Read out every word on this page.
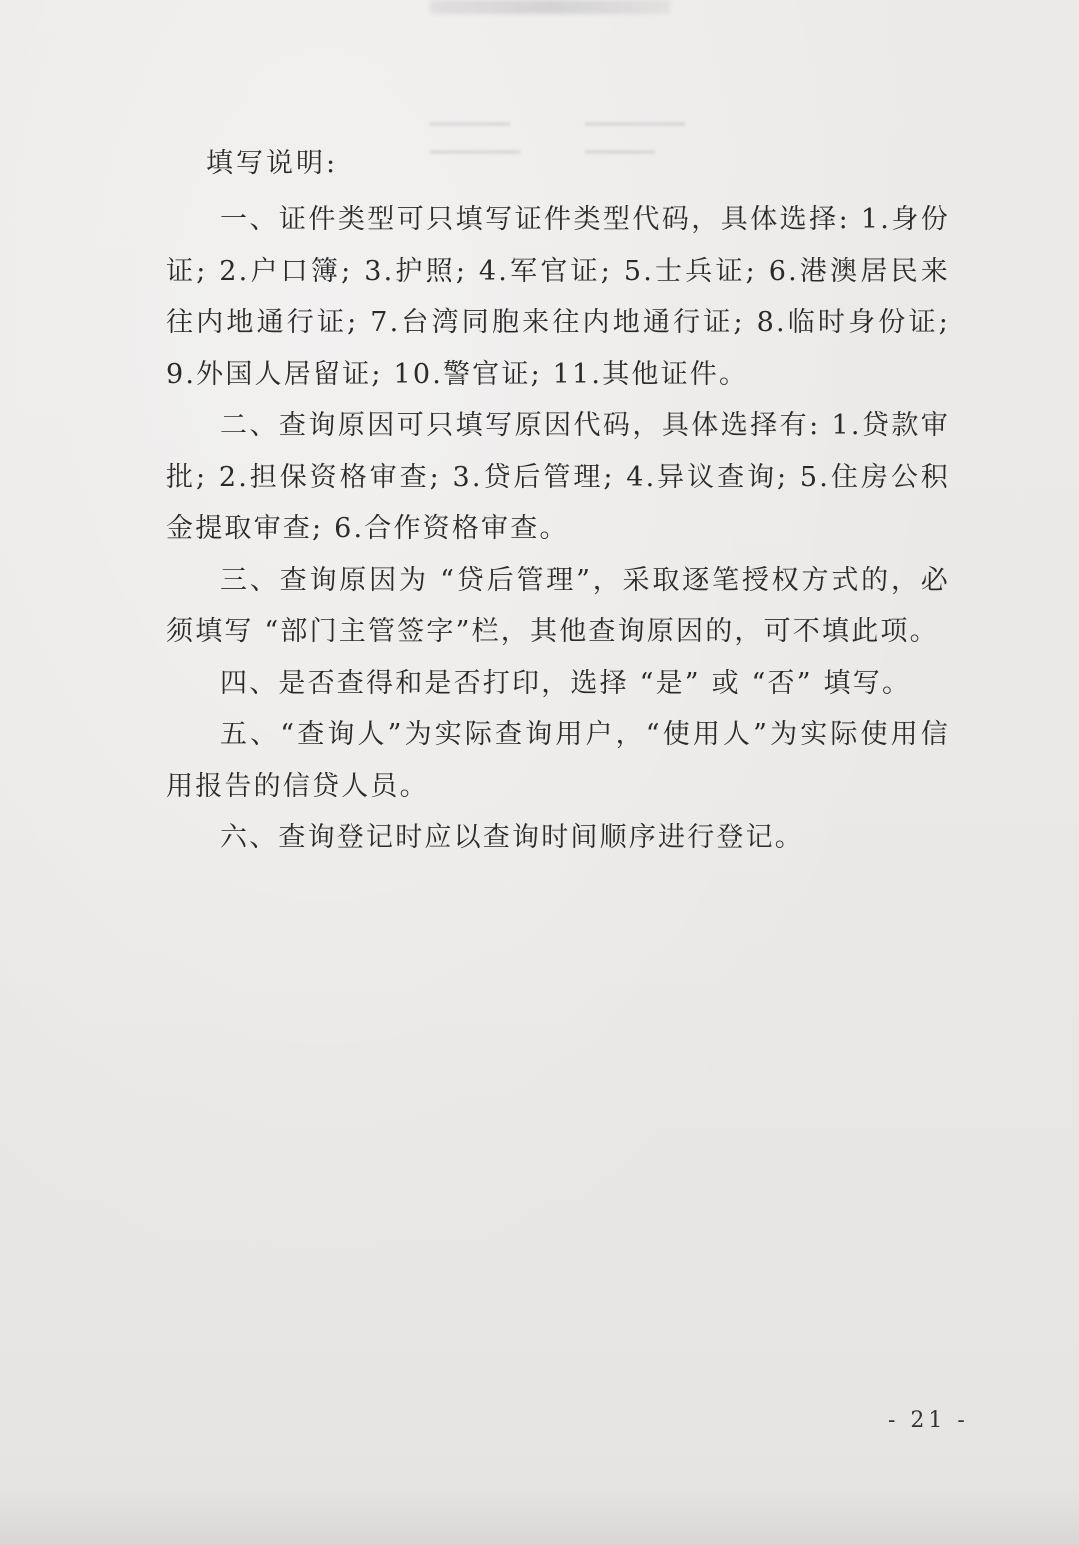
填写说明:

一、证件类型可只填写证件类型代码，具体选择: 1.身份证; 2.户口簿; 3.护照; 4.军官证; 5.士兵证; 6.港澳居民来往内地通行证; 7.台湾同胞来往内地通行证; 8.临时身份证; 9.外国人居留证; 10.警官证; 11.其他证件。

二、查询原因可只填写原因代码，具体选择有: 1.贷款审批; 2.担保资格审查; 3.贷后管理; 4.异议查询; 5.住房公积金提取审查; 6.合作资格审查。

三、查询原因为 “贷后管理”，采取逐笔授权方式的，必须填写 “部门主管签字”栏，其他查询原因的，可不填此项。

四、是否查得和是否打印，选择 “是” 或 “否” 填写。

五、“查询人”为实际查询用户，“使用人”为实际使用信用报告的信贷人员。

六、查询登记时应以查询时间顺序进行登记。

- 21 -
